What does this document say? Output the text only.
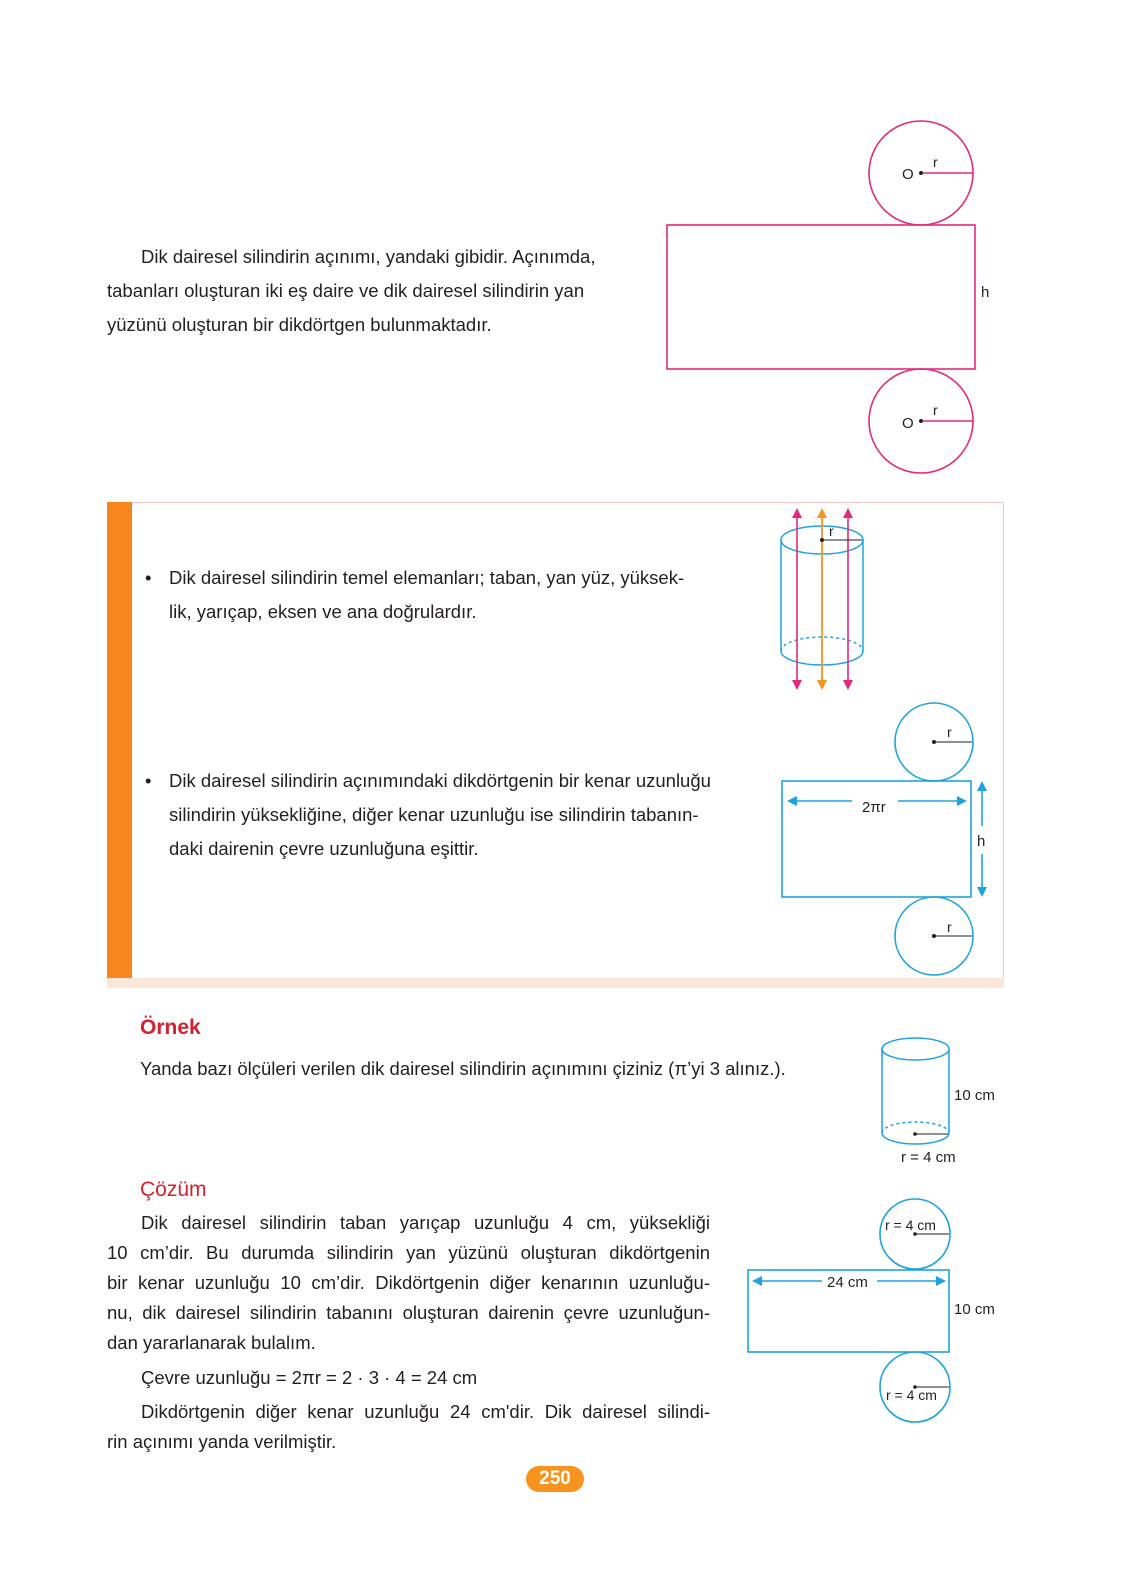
Dik dairesel silindirin açınımı, yandaki gibidir. Açınımda,
tabanları oluşturan iki eş daire ve dik dairesel silindirin yan
yüzünü oluşturan bir dikdörtgen bulunmaktadır.
• Dik dairesel silindirin temel elemanları; taban, yan yüz, yüksek-
lik, yarıçap, eksen ve ana doğrulardır.
• Dik dairesel silindirin açınımındaki dikdörtgenin bir kenar uzunluğu
silindirin yüksekliğine, diğer kenar uzunluğu ise silindirin tabanın-
daki dairenin çevre uzunluğuna eşittir.
Örnek
Yanda bazı ölçüleri verilen dik dairesel silindirin açınımını çiziniz (π’yi 3 alınız.).
Çözüm
Dik dairesel silindirin taban yarıçap uzunluğu 4 cm, yüksekliği
10 cm’dir. Bu durumda silindirin yan yüzünü oluşturan dikdörtgenin
bir kenar uzunluğu 10 cm’dir. Dikdörtgenin diğer kenarının uzunluğu-
nu, dik dairesel silindirin tabanını oluşturan dairenin çevre uzunluğun-
dan yararlanarak bulalım.
Çevre uzunluğu = 2πr = 2 · 3 · 4 = 24 cm
Dikdörtgenin diğer kenar uzunluğu 24 cm'dir. Dik dairesel silindi-
rin açınımı yanda verilmiştir.
250
O
r
h
O
r
r
r
2πr
h
r
10 cm
r = 4 cm
r = 4 cm
24 cm
10 cm
r = 4 cm
